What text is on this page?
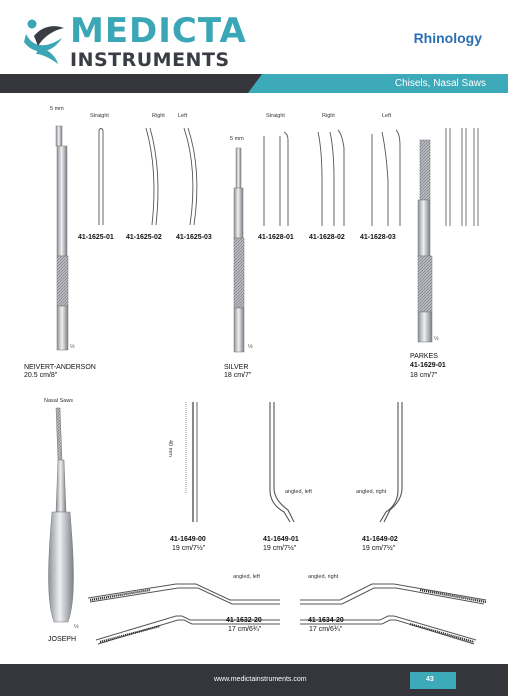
MEDICTA
INSTRUMENTS
Rhinology
Chisels, Nasal Saws
5 mm
Straight	Right Left
5 mm
Straight	Right	Left
½	½
½
½
Nasal Saws
40 mm
angled, left	angled, right
angled, left	angled, right
41-1625-01 41-1625-02 41-1625-03	41-1628-01 41-1628-02 41-1628-03
NEIVERT-ANDERSON
20.5 cm/8"
SILVER
18 cm/7"
PARKES
41-1629-01
18 cm/7"
JOSEPH
41-1649-00
19 cm/7½"
41-1649-01
19 cm/7½"
41-1649-02
19 cm/7½"
41-1632-20
17 cm/6¾"
41-1634-20
17 cm/6¾"
www.medictainstruments.com	43
